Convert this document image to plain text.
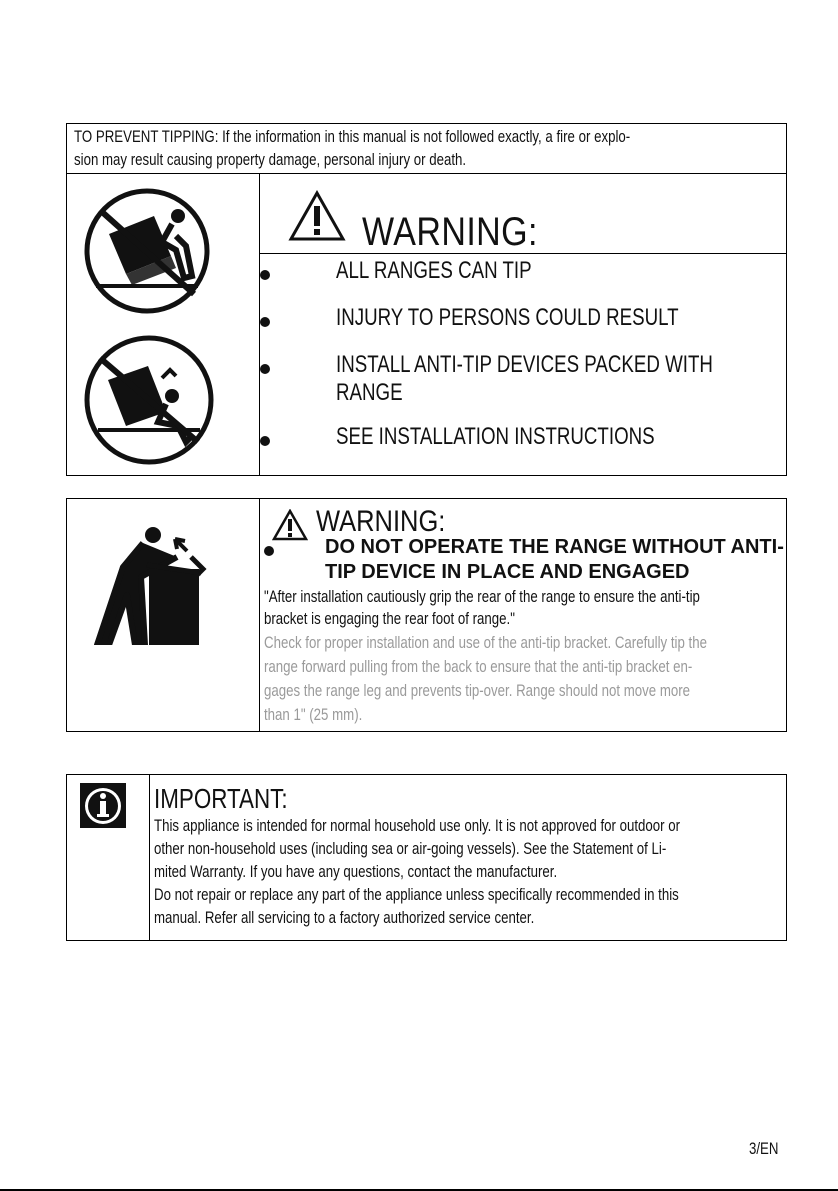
TO PREVENT TIPPING: If the information in this manual is not followed exactly, a fire or explo-
sion may result causing property damage, personal injury or death.
WARNING:
ALL RANGES CAN TIP
INJURY TO PERSONS COULD RESULT
INSTALL ANTI-TIP DEVICES PACKED WITH
RANGE
SEE INSTALLATION INSTRUCTIONS
WARNING:
DO NOT OPERATE THE RANGE WITHOUT ANTI-
TIP DEVICE IN PLACE AND ENGAGED
"After installation cautiously grip the rear of the range to ensure the anti-tip
bracket is engaging the rear foot of range."
Check for proper installation and use of the anti-tip bracket. Carefully tip the
range forward pulling from the back to ensure that the anti-tip bracket en-
gages the range leg and prevents tip-over. Range should not move more
than 1" (25 mm).
IMPORTANT:
This appliance is intended for normal household use only. It is not approved for outdoor or
other non-household uses (including sea or air-going vessels). See the Statement of Li-
mited Warranty. If you have any questions, contact the manufacturer.
Do not repair or replace any part of the appliance unless specifically recommended in this
manual. Refer all servicing to a factory authorized service center.
3/EN
